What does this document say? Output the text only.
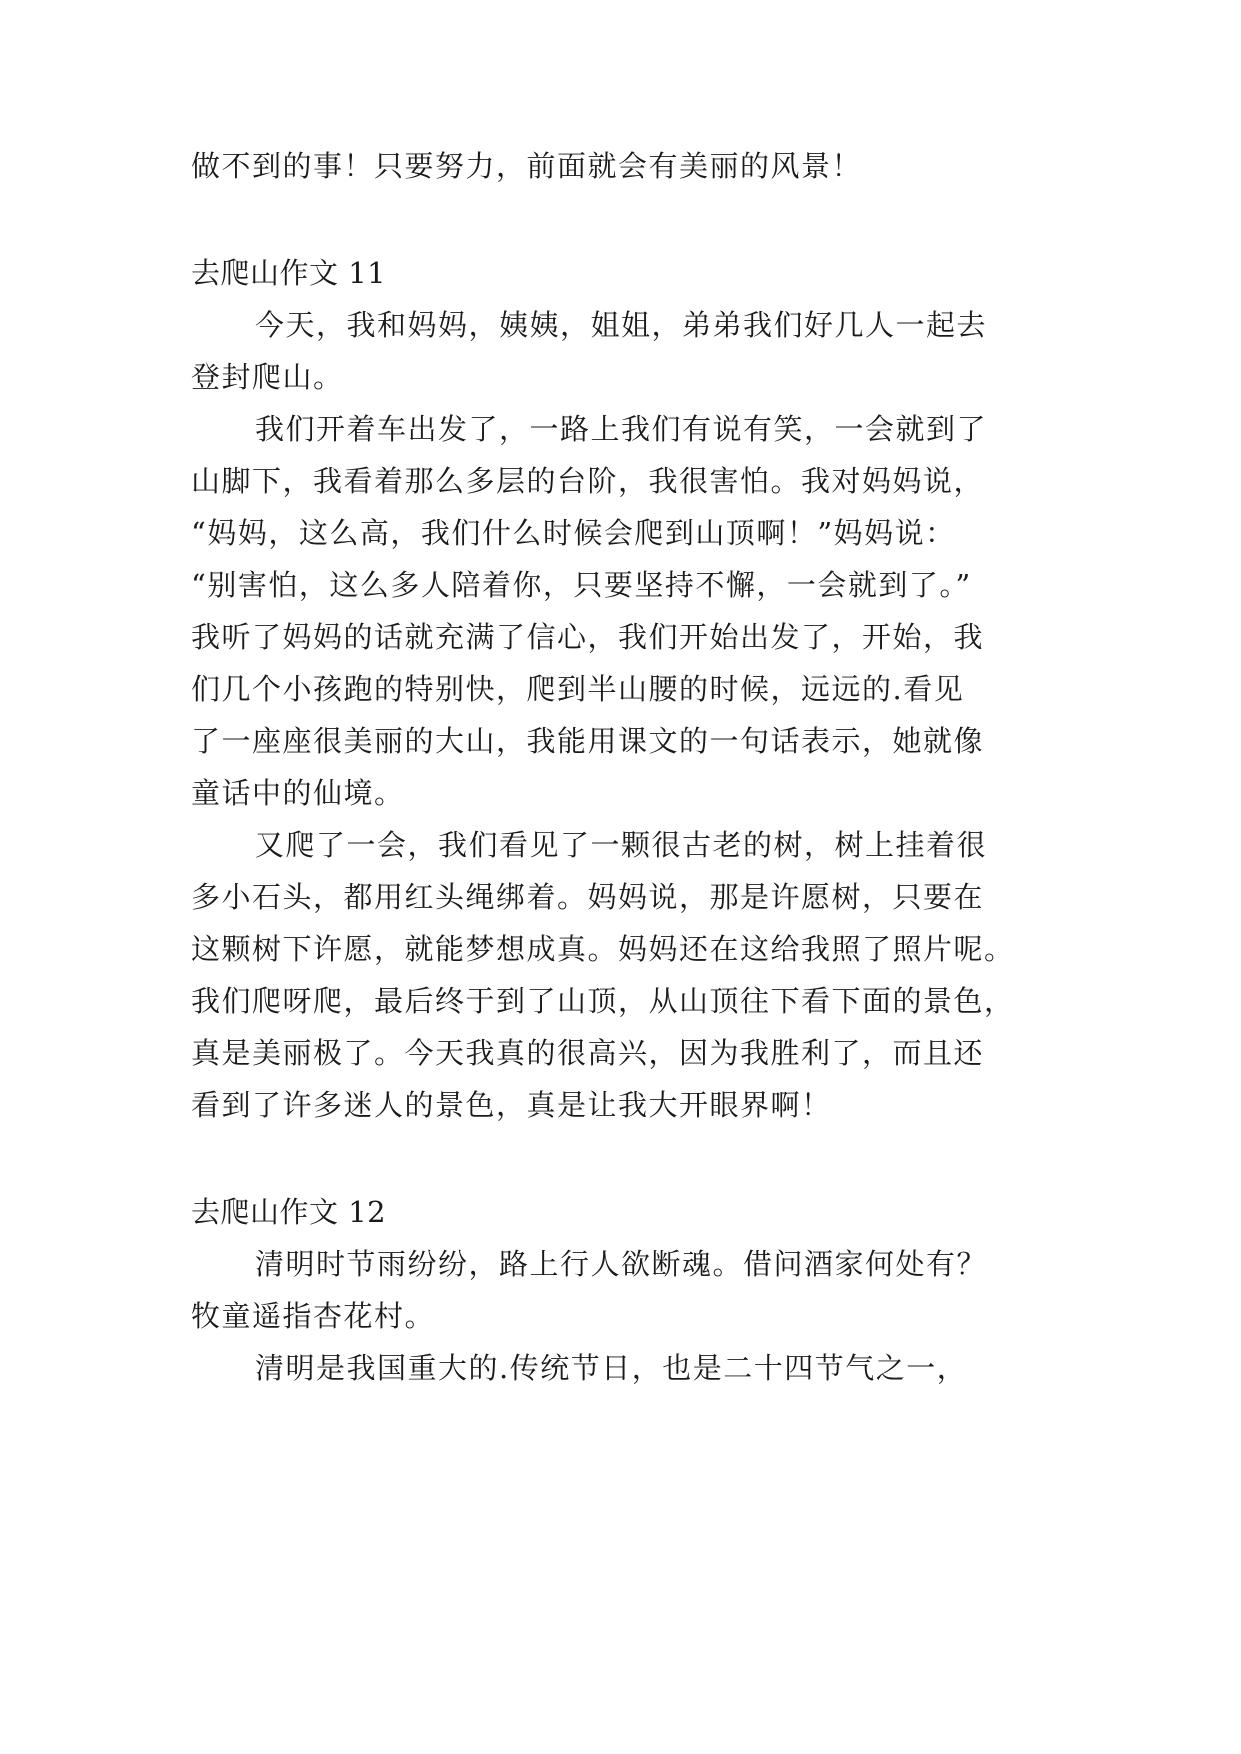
做不到的事！只要努力，前面就会有美丽的风景！
去爬山作文 11
今天，我和妈妈，姨姨，姐姐，弟弟我们好几人一起去
登封爬山。
我们开着车出发了，一路上我们有说有笑，一会就到了
山脚下，我看着那么多层的台阶，我很害怕。我对妈妈说，
“妈妈，这么高，我们什么时候会爬到山顶啊！”妈妈说：
“别害怕，这么多人陪着你，只要坚持不懈，一会就到了。”
我听了妈妈的话就充满了信心，我们开始出发了，开始，我
们几个小孩跑的特别快，爬到半山腰的时候，远远的.看见
了一座座很美丽的大山，我能用课文的一句话表示，她就像
童话中的仙境。
又爬了一会，我们看见了一颗很古老的树，树上挂着很
多小石头，都用红头绳绑着。妈妈说，那是许愿树，只要在
这颗树下许愿，就能梦想成真。妈妈还在这给我照了照片呢。
我们爬呀爬，最后终于到了山顶，从山顶往下看下面的景色，
真是美丽极了。今天我真的很高兴，因为我胜利了，而且还
看到了许多迷人的景色，真是让我大开眼界啊！
去爬山作文 12
清明时节雨纷纷，路上行人欲断魂。借问酒家何处有？
牧童遥指杏花村。
清明是我国重大的.传统节日，也是二十四节气之一，
